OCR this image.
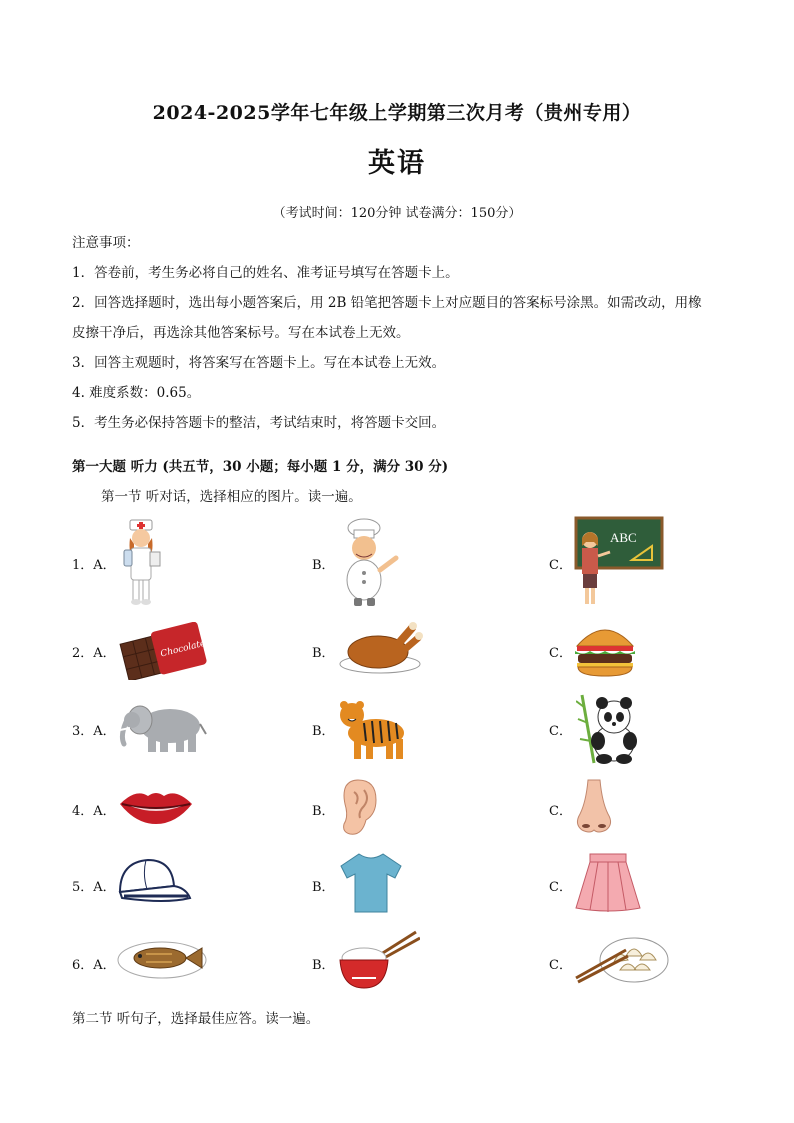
2024-2025学年七年级上学期第三次月考（贵州专用）
英语
（考试时间：120分钟 试卷满分：150分）
注意事项：
1．答卷前，考生务必将自己的姓名、准考证号填写在答题卡上。
2．回答选择题时，选出每小题答案后，用 2B 铅笔把答题卡上对应题目的答案标号涂黑。如需改动，用橡
皮擦干净后，再选涂其他答案标号。写在本试卷上无效。
3．回答主观题时，将答案写在答题卡上。写在本试卷上无效。
4. 难度系数：0.65。
5．考生务必保持答题卡的整洁，考试结束时，将答题卡交回。
第一大题 听力 (共五节，30 小题；每小题 1 分，满分 30 分)
第一节 听对话，选择相应的图片。读一遍。
1．A．	B．	C．
2．A．	B．	C．
3．A．	B．	C．
4．A．	B．	C．
5．A．	B．	C．
6．A．	B．	C．
ABC
Chocolate
第二节 听句子，选择最佳应答。读一遍。
